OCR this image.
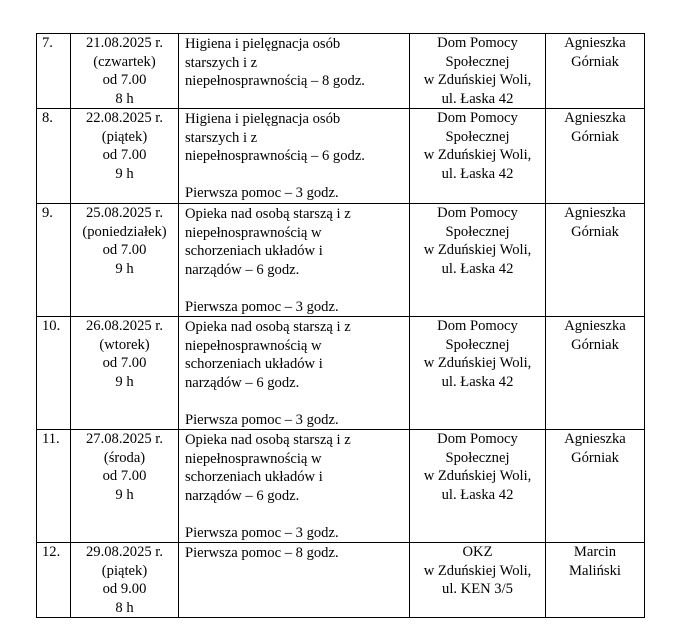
7.	21.08.2025 r.
(czwartek)
od 7.00
8 h	Higiena i pielęgnacja osób
starszych i z
niepełnosprawnością – 8 godz.	Dom Pomocy
Społecznej
w Zduńskiej Woli,
ul. Łaska 42	Agnieszka
Górniak

8.	22.08.2025 r.
(piątek)
od 7.00
9 h	Higiena i pielęgnacja osób
starszych i z
niepełnosprawnością – 6 godz.
Pierwsza pomoc – 3 godz.	Dom Pomocy
Społecznej
w Zduńskiej Woli,
ul. Łaska 42	Agnieszka
Górniak

9.	25.08.2025 r.
(poniedziałek)
od 7.00
9 h	Opieka nad osobą starszą i z
niepełnosprawnością w
schorzeniach układów i
narządów – 6 godz.
Pierwsza pomoc – 3 godz.	Dom Pomocy
Społecznej
w Zduńskiej Woli,
ul. Łaska 42	Agnieszka
Górniak

10.	26.08.2025 r.
(wtorek)
od 7.00
9 h	Opieka nad osobą starszą i z
niepełnosprawnością w
schorzeniach układów i
narządów – 6 godz.
Pierwsza pomoc – 3 godz.	Dom Pomocy
Społecznej
w Zduńskiej Woli,
ul. Łaska 42	Agnieszka
Górniak

11.	27.08.2025 r.
(środa)
od 7.00
9 h	Opieka nad osobą starszą i z
niepełnosprawnością w
schorzeniach układów i
narządów – 6 godz.
Pierwsza pomoc – 3 godz.	Dom Pomocy
Społecznej
w Zduńskiej Woli,
ul. Łaska 42	Agnieszka
Górniak

12.	29.08.2025 r.
(piątek)
od 9.00
8 h	Pierwsza pomoc – 8 godz.	OKZ
w Zduńskiej Woli,
ul. KEN 3/5	Marcin
Maliński
